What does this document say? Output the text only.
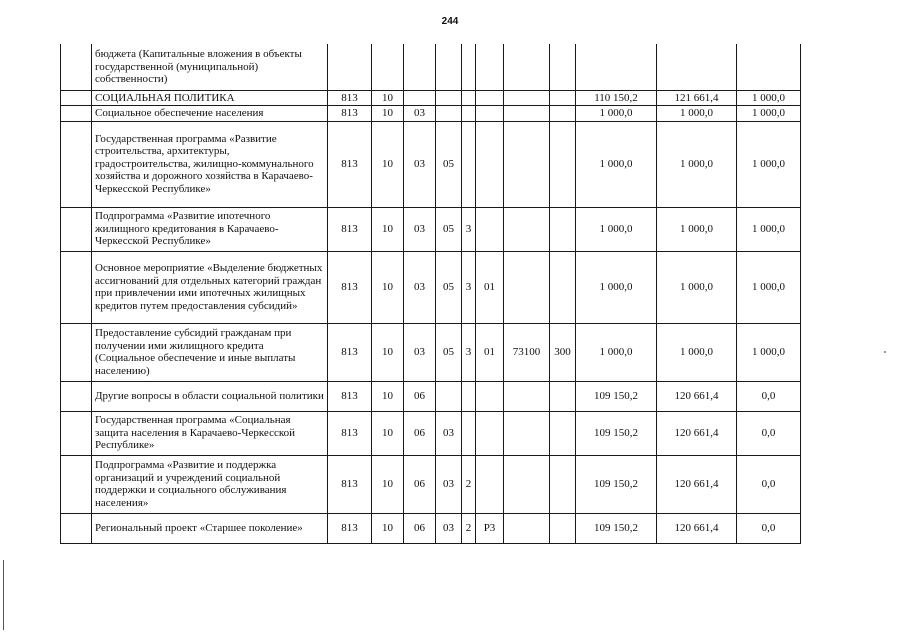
244
	бюджета (Капитальные вложения в объекты государственной (муниципальной) собственности)											
	СОЦИАЛЬНАЯ ПОЛИТИКА	813	10							110 150,2	121 661,4	1 000,0
	Социальное обеспечение населения	813	10	03						1 000,0	1 000,0	1 000,0
	Государственная программа «Развитие строительства, архитектуры, градостроительства, жилищно-коммунального хозяйства и дорожного хозяйства в Карачаево-Черкесской Республике»	813	10	03	05					1 000,0	1 000,0	1 000,0
	Подпрограмма «Развитие ипотечного жилищного кредитования в Карачаево-Черкесской Республике»	813	10	03	05	3				1 000,0	1 000,0	1 000,0
	Основное мероприятие «Выделение бюджетных ассигнований для отдельных категорий граждан при привлечении ими ипотечных жилищных кредитов путем предоставления субсидий»	813	10	03	05	3	01			1 000,0	1 000,0	1 000,0
	Предоставление субсидий гражданам при получении ими жилищного кредита (Социальное обеспечение и иные выплаты населению)	813	10	03	05	3	01	73100	300	1 000,0	1 000,0	1 000,0
	Другие вопросы в области социальной политики	813	10	06						109 150,2	120 661,4	0,0
	Государственная программа «Социальная защита населения в Карачаево-Черкесской Республике»	813	10	06	03					109 150,2	120 661,4	0,0
	Подпрограмма «Развитие и поддержка организаций и учреждений социальной поддержки и социального обслуживания населения»	813	10	06	03	2				109 150,2	120 661,4	0,0
	Региональный проект «Старшее поколение»	813	10	06	03	2	P3			109 150,2	120 661,4	0,0
